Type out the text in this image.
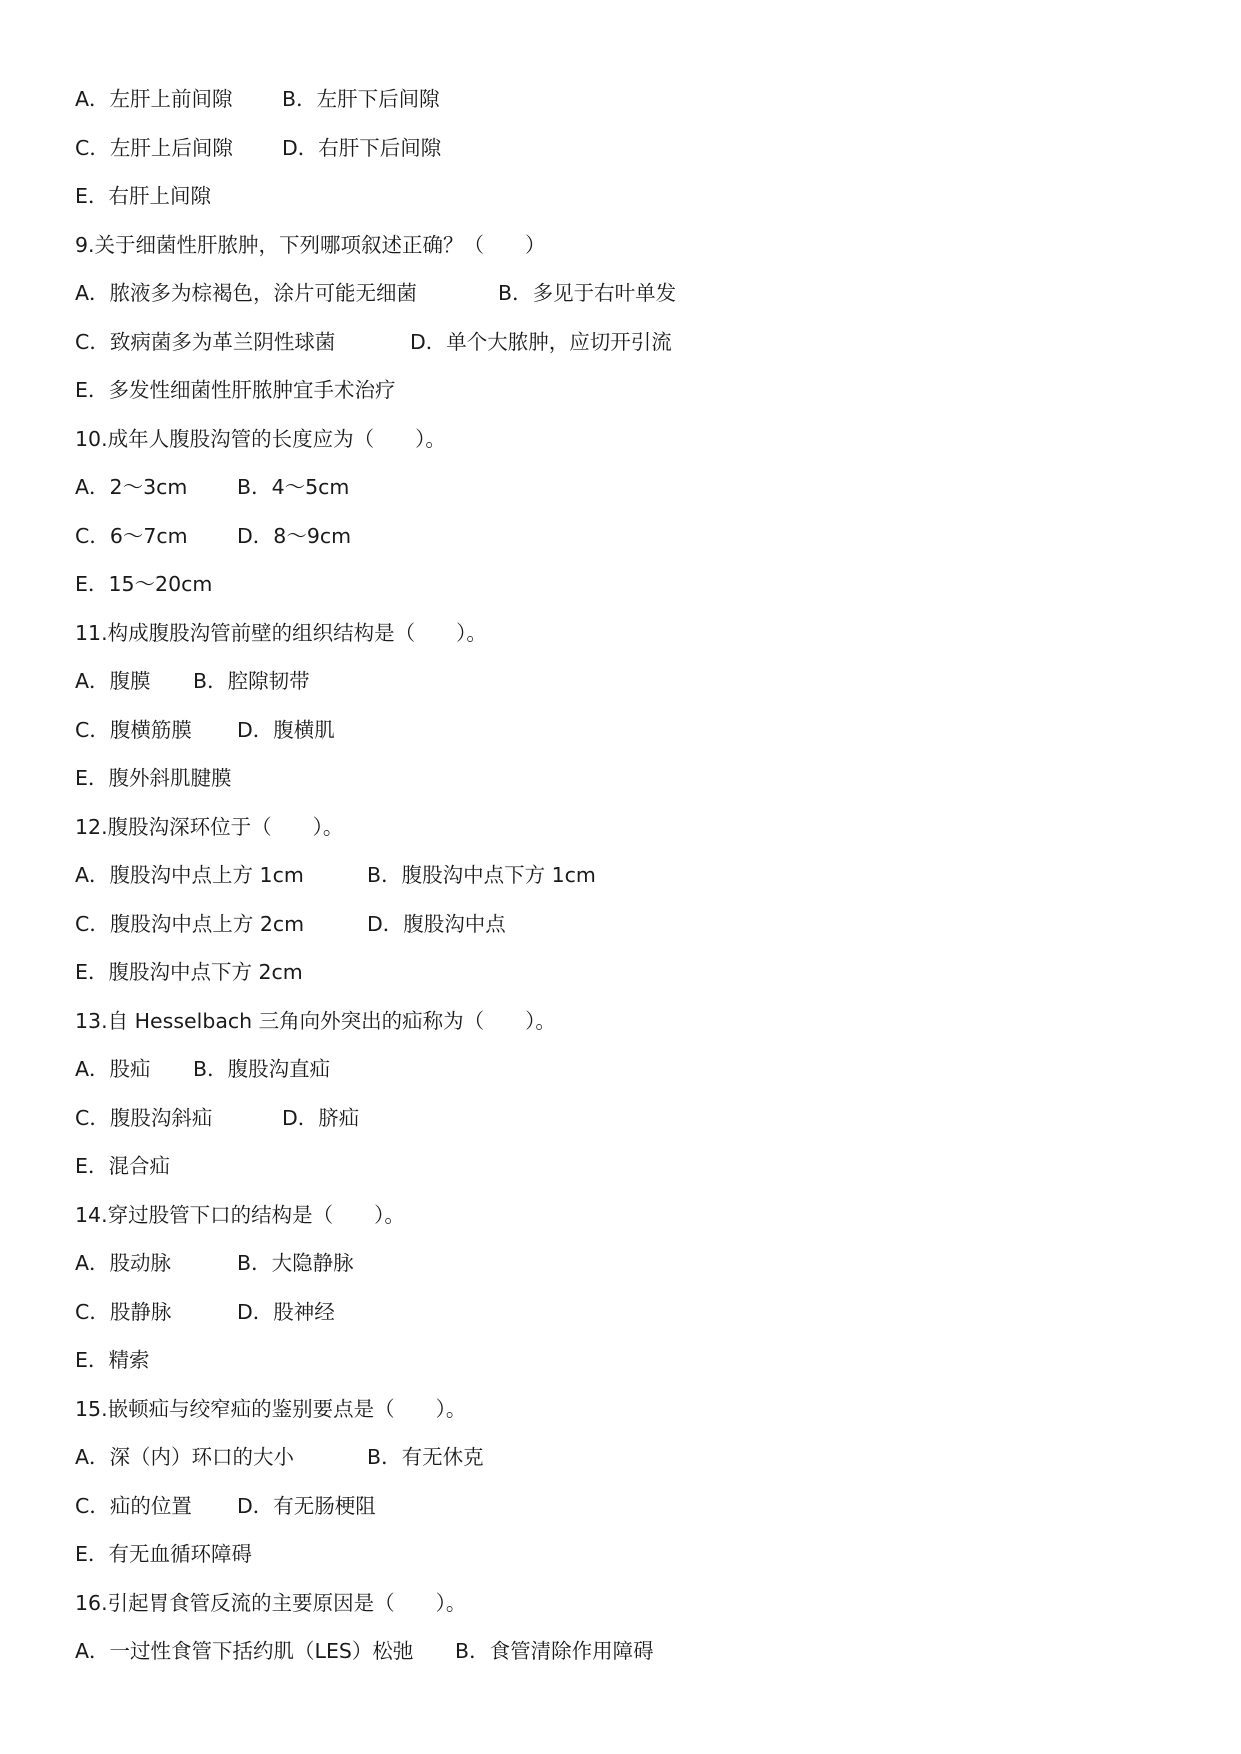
A．左肝上前间隙 B．左肝下后间隙
C．左肝上后间隙 D．右肝下后间隙
E．右肝上间隙
9.关于细菌性肝脓肿，下列哪项叙述正确？（　　）
A．脓液多为棕褐色，涂片可能无细菌	B．多见于右叶单发
C．致病菌多为革兰阴性球菌	D．单个大脓肿，应切开引流
E．多发性细菌性肝脓肿宜手术治疗
10.成年人腹股沟管的长度应为（　　）。
A．2～3cm B．4～5cm
C．6～7cm D．8～9cm
E．15～20cm
11.构成腹股沟管前壁的组织结构是（　　）。
A．腹膜 B．腔隙韧带
C．腹横筋膜 D．腹横肌
E．腹外斜肌腱膜
12.腹股沟深环位于（　　）。
A．腹股沟中点上方 1cm	B．腹股沟中点下方 1cm
C．腹股沟中点上方 2cm	D．腹股沟中点
E．腹股沟中点下方 2cm
13.自 Hesselbach 三角向外突出的疝称为（　　）。
A．股疝 B．腹股沟直疝
C．腹股沟斜疝	D．脐疝
E．混合疝
14.穿过股管下口的结构是（　　）。
A．股动脉	B．大隐静脉
C．股静脉	D．股神经
E．精索
15.嵌顿疝与绞窄疝的鉴别要点是（　　）。
A．深（内）环口的大小	B．有无休克
C．疝的位置 D．有无肠梗阻
E．有无血循环障碍
16.引起胃食管反流的主要原因是（　　）。
A．一过性食管下括约肌（LES）松弛 B．食管清除作用障碍
